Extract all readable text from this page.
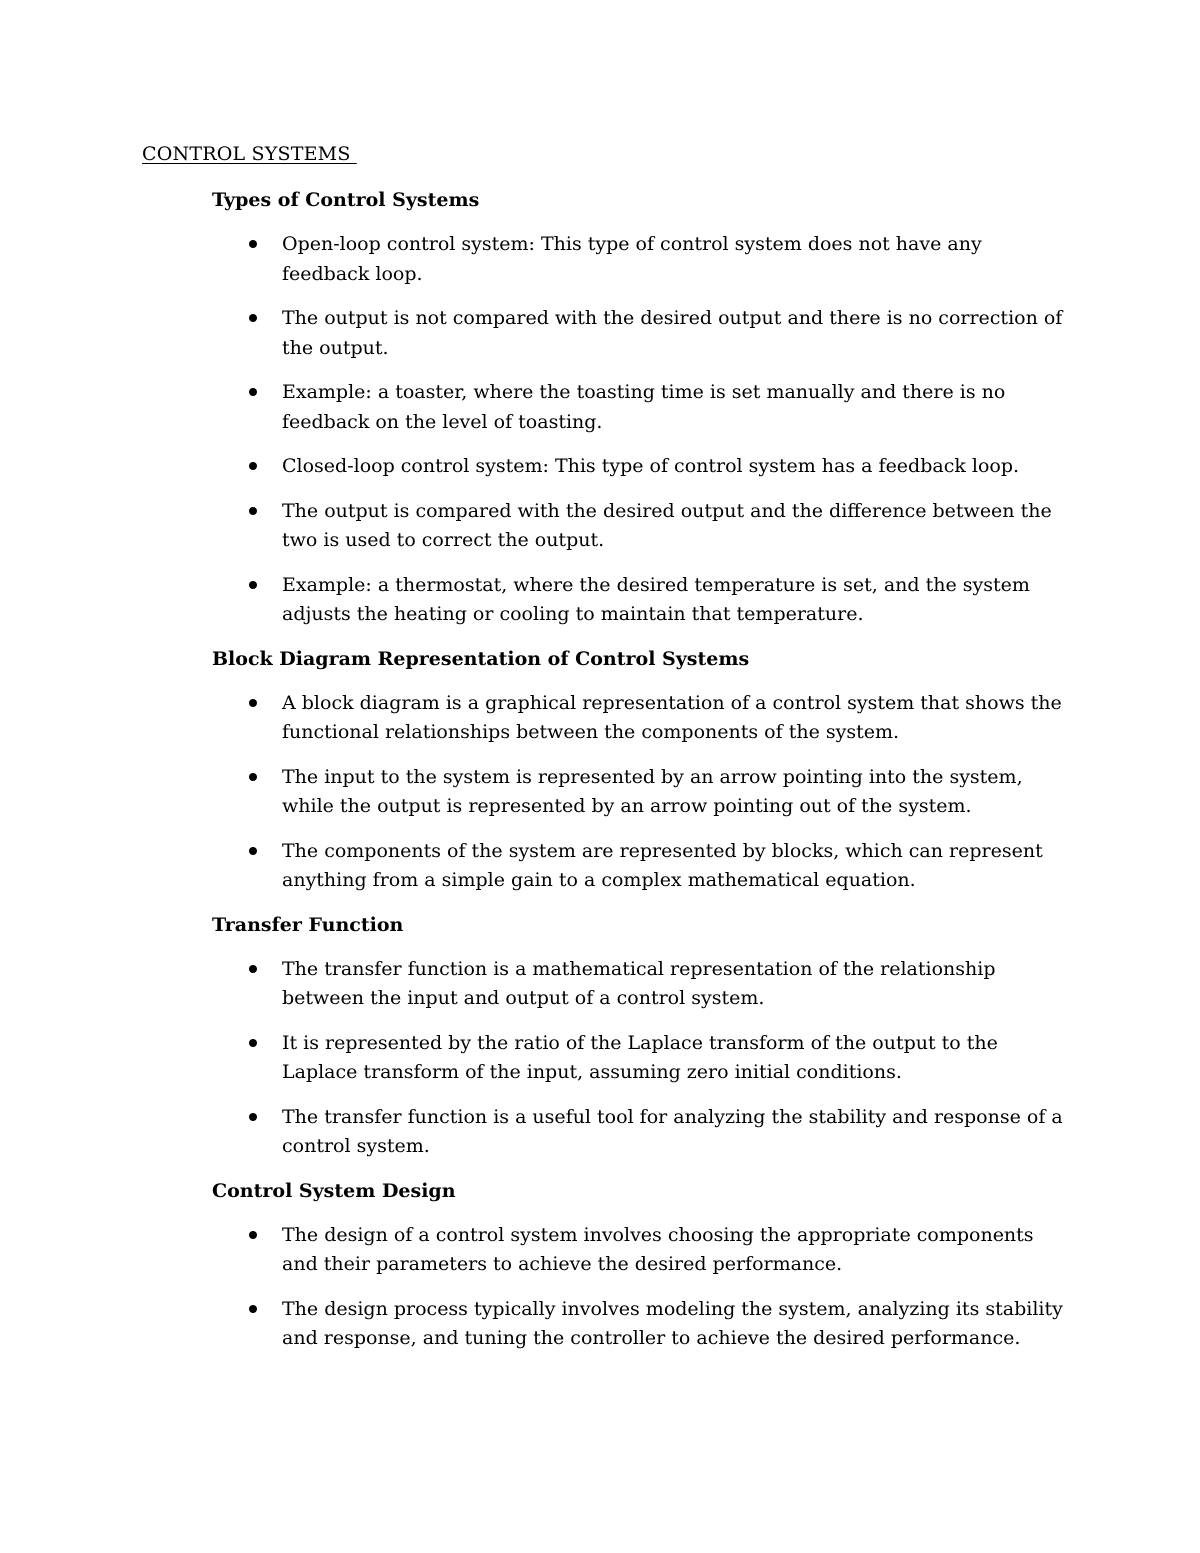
CONTROL SYSTEMS
Types of Control Systems
Open-loop control system: This type of control system does not have any feedback loop.
The output is not compared with the desired output and there is no correction of the output.
Example: a toaster, where the toasting time is set manually and there is no feedback on the level of toasting.
Closed-loop control system: This type of control system has a feedback loop.
The output is compared with the desired output and the difference between the two is used to correct the output.
Example: a thermostat, where the desired temperature is set, and the system adjusts the heating or cooling to maintain that temperature.
Block Diagram Representation of Control Systems
A block diagram is a graphical representation of a control system that shows the functional relationships between the components of the system.
The input to the system is represented by an arrow pointing into the system, while the output is represented by an arrow pointing out of the system.
The components of the system are represented by blocks, which can represent anything from a simple gain to a complex mathematical equation.
Transfer Function
The transfer function is a mathematical representation of the relationship between the input and output of a control system.
It is represented by the ratio of the Laplace transform of the output to the Laplace transform of the input, assuming zero initial conditions.
The transfer function is a useful tool for analyzing the stability and response of a control system.
Control System Design
The design of a control system involves choosing the appropriate components and their parameters to achieve the desired performance.
The design process typically involves modeling the system, analyzing its stability and response, and tuning the controller to achieve the desired performance.
